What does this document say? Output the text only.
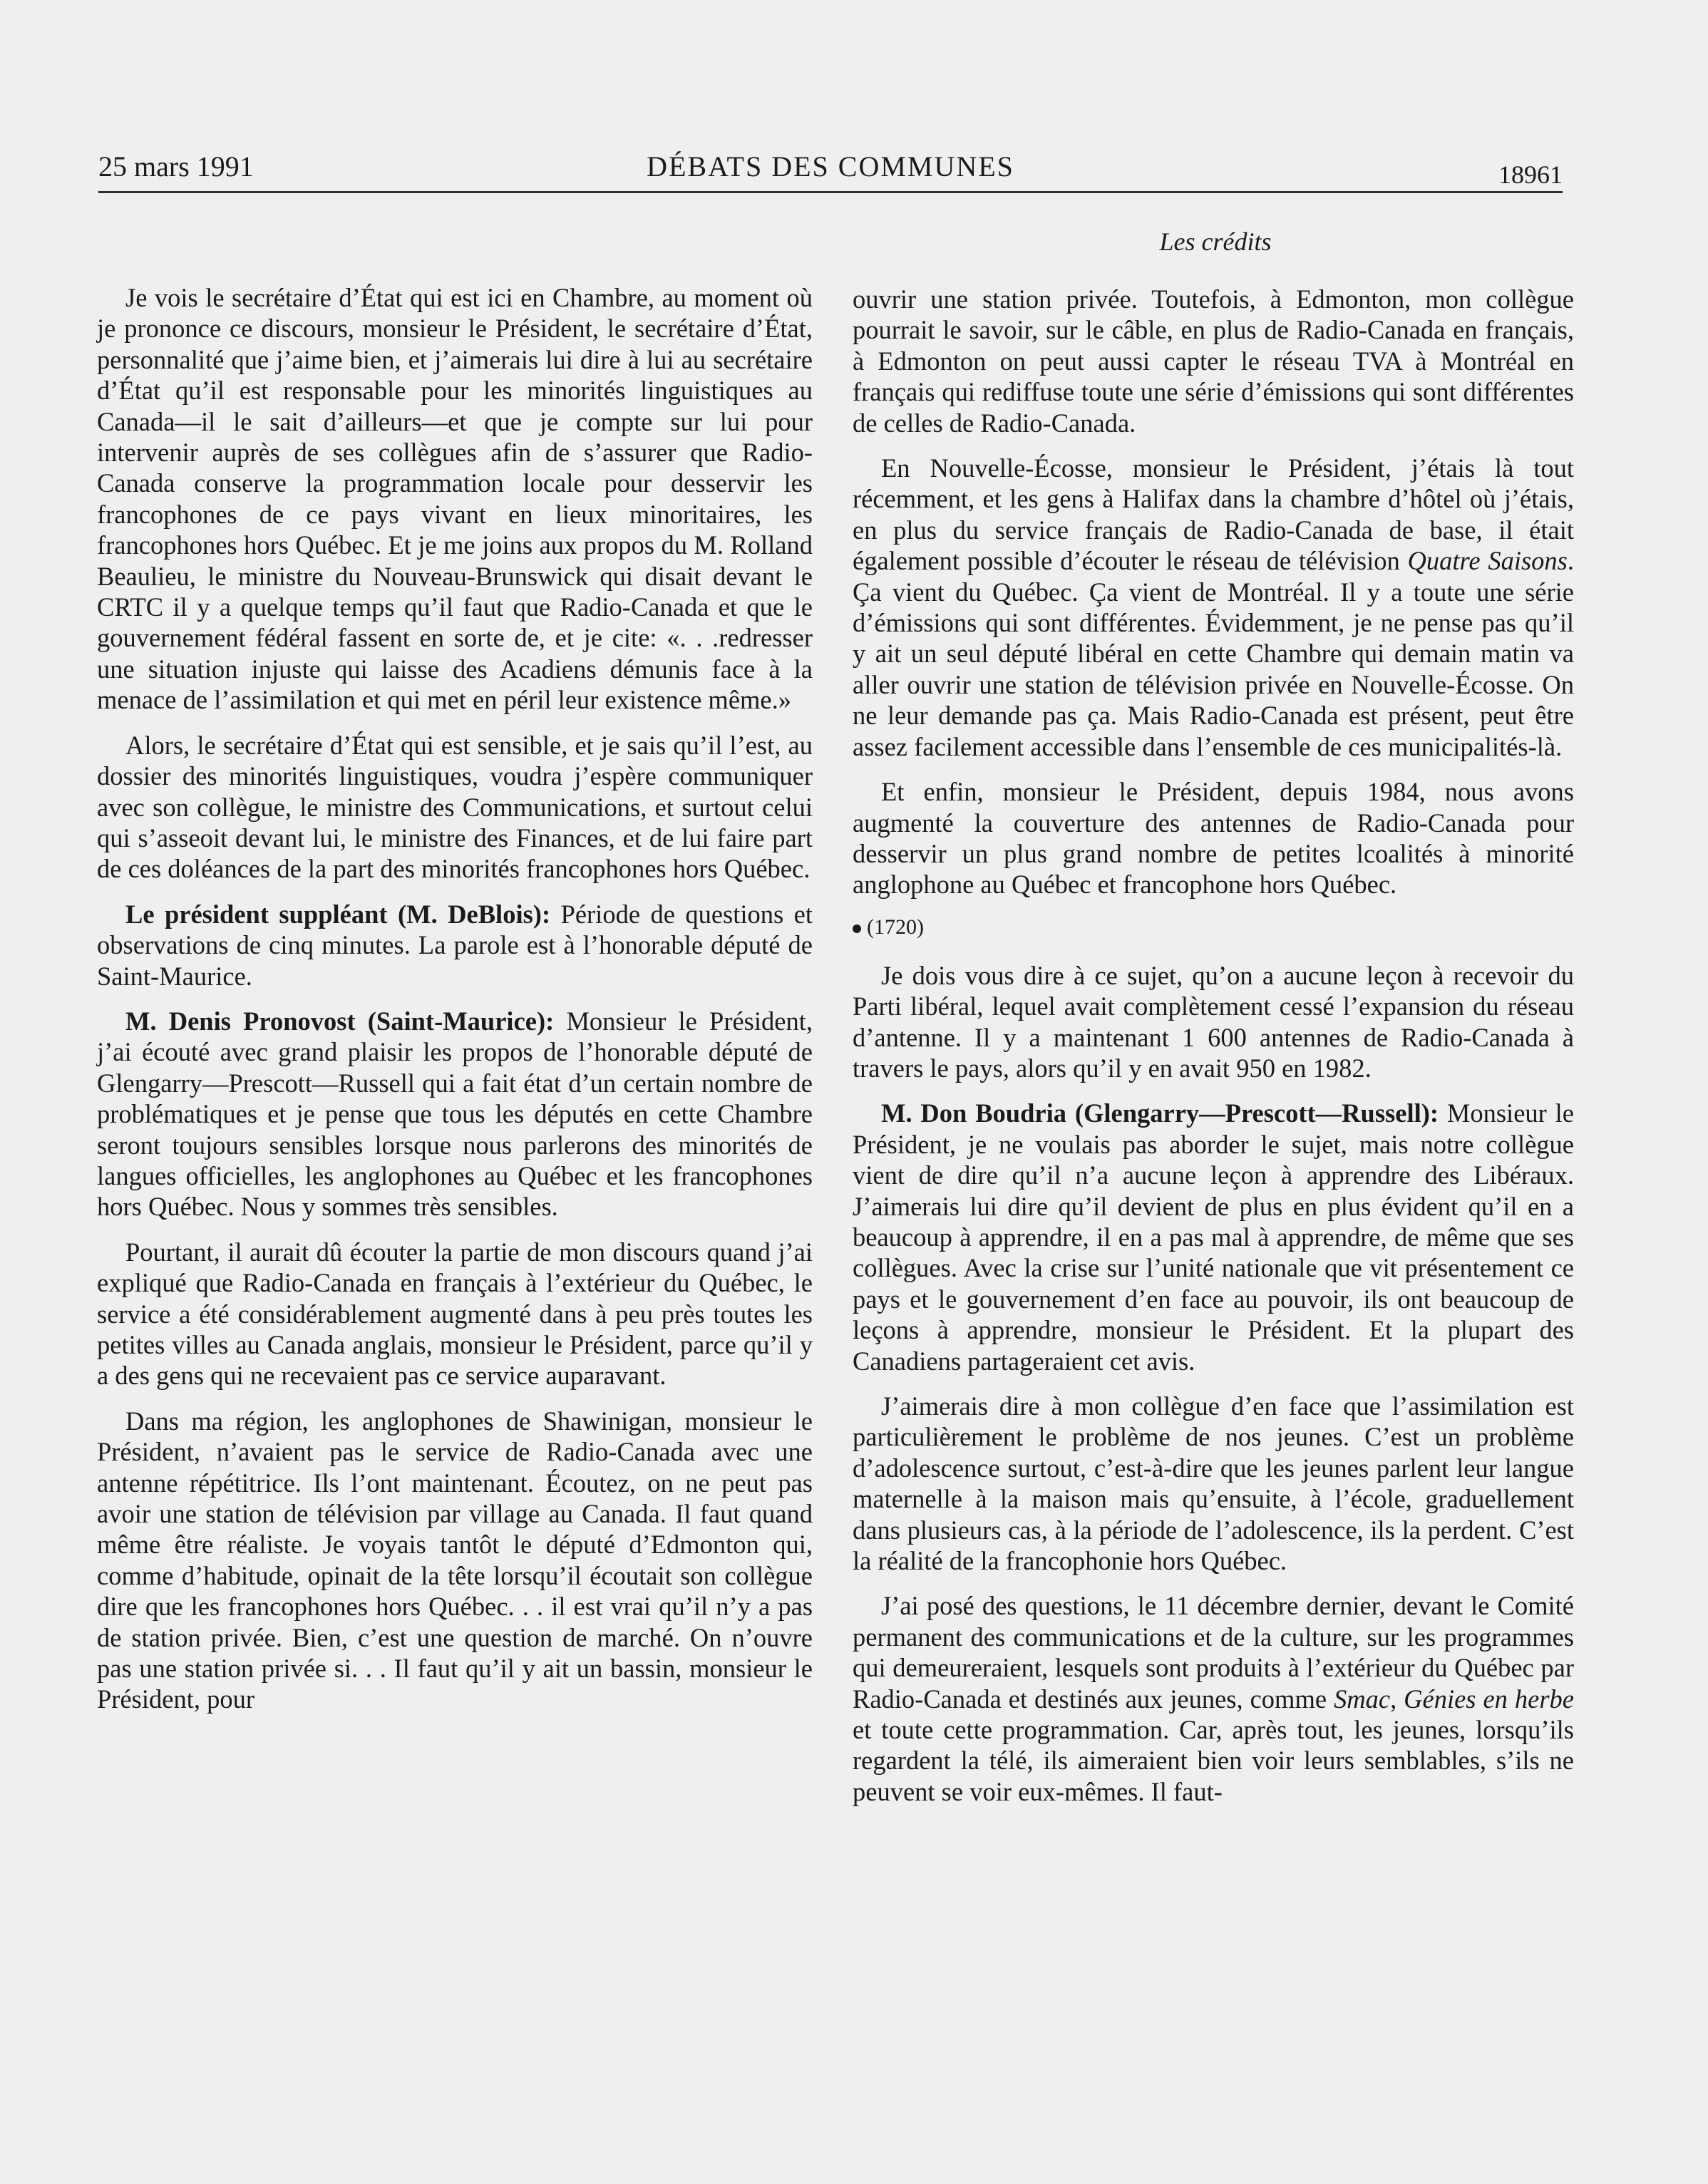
25 mars 1991	DÉBATS DES COMMUNES	18961
Les crédits

Je vois le secrétaire d’État qui est ici en Chambre, au moment où je prononce ce discours, monsieur le Président, le secrétaire d’État, personnalité que j’aime bien, et j’aimerais lui dire à lui au secrétaire d’État qu’il est responsable pour les minorités linguistiques au Canada—il le sait d’ailleurs—et que je compte sur lui pour intervenir auprès de ses collègues afin de s’assurer que Radio-Canada conserve la programmation locale pour desservir les francophones de ce pays vivant en lieux minoritaires, les francophones hors Québec. Et je me joins aux propos du M. Rolland Beaulieu, le ministre du Nouveau-Brunswick qui disait devant le CRTC il y a quelque temps qu’il faut que Radio-Canada et que le gouvernement fédéral fassent en sorte de, et je cite: «. . .redresser une situation injuste qui laisse des Acadiens démunis face à la menace de l’assimilation et qui met en péril leur existence même.»

Alors, le secrétaire d’État qui est sensible, et je sais qu’il l’est, au dossier des minorités linguistiques, voudra j’espère communiquer avec son collègue, le ministre des Communications, et surtout celui qui s’asseoit devant lui, le ministre des Finances, et de lui faire part de ces doléances de la part des minorités francophones hors Québec.

Le président suppléant (M. DeBlois): Période de questions et observations de cinq minutes. La parole est à l’honorable député de Saint-Maurice.

M. Denis Pronovost (Saint-Maurice): Monsieur le Président, j’ai écouté avec grand plaisir les propos de l’honorable député de Glengarry—Prescott—Russell qui a fait état d’un certain nombre de problématiques et je pense que tous les députés en cette Chambre seront toujours sensibles lorsque nous parlerons des minorités de langues officielles, les anglophones au Québec et les francophones hors Québec. Nous y sommes très sensibles.

Pourtant, il aurait dû écouter la partie de mon discours quand j’ai expliqué que Radio-Canada en français à l’extérieur du Québec, le service a été considérablement augmenté dans à peu près toutes les petites villes au Canada anglais, monsieur le Président, parce qu’il y a des gens qui ne recevaient pas ce service auparavant.

Dans ma région, les anglophones de Shawinigan, monsieur le Président, n’avaient pas le service de Radio-Canada avec une antenne répétitrice. Ils l’ont maintenant. Écoutez, on ne peut pas avoir une station de télévision par village au Canada. Il faut quand même être réaliste. Je voyais tantôt le député d’Edmonton qui, comme d’habitude, opinait de la tête lorsqu’il écoutait son collègue dire que les francophones hors Québec. . . il est vrai qu’il n’y a pas de station privée. Bien, c’est une question de marché. On n’ouvre pas une station privée si. . . Il faut qu’il y ait un bassin, monsieur le Président, pour

ouvrir une station privée. Toutefois, à Edmonton, mon collègue pourrait le savoir, sur le câble, en plus de Radio-Canada en français, à Edmonton on peut aussi capter le réseau TVA à Montréal en français qui rediffuse toute une série d’émissions qui sont différentes de celles de Radio-Canada.

En Nouvelle-Écosse, monsieur le Président, j’étais là tout récemment, et les gens à Halifax dans la chambre d’hôtel où j’étais, en plus du service français de Radio-Canada de base, il était également possible d’écouter le réseau de télévision Quatre Saisons. Ça vient du Québec. Ça vient de Montréal. Il y a toute une série d’émissions qui sont différentes. Évidemment, je ne pense pas qu’il y ait un seul député libéral en cette Chambre qui demain matin va aller ouvrir une station de télévision privée en Nouvelle-Écosse. On ne leur demande pas ça. Mais Radio-Canada est présent, peut être assez facilement accessible dans l’ensemble de ces municipalités-là.

Et enfin, monsieur le Président, depuis 1984, nous avons augmenté la couverture des antennes de Radio-Canada pour desservir un plus grand nombre de petites lcoalités à minorité anglophone au Québec et francophone hors Québec.

(1720)

Je dois vous dire à ce sujet, qu’on a aucune leçon à recevoir du Parti libéral, lequel avait complètement cessé l’expansion du réseau d’antenne. Il y a maintenant 1 600 antennes de Radio-Canada à travers le pays, alors qu’il y en avait 950 en 1982.

M. Don Boudria (Glengarry—Prescott—Russell): Monsieur le Président, je ne voulais pas aborder le sujet, mais notre collègue vient de dire qu’il n’a aucune leçon à apprendre des Libéraux. J’aimerais lui dire qu’il devient de plus en plus évident qu’il en a beaucoup à apprendre, il en a pas mal à apprendre, de même que ses collègues. Avec la crise sur l’unité nationale que vit présentement ce pays et le gouvernement d’en face au pouvoir, ils ont beaucoup de leçons à apprendre, monsieur le Président. Et la plupart des Canadiens partageraient cet avis.

J’aimerais dire à mon collègue d’en face que l’assimilation est particulièrement le problème de nos jeunes. C’est un problème d’adolescence surtout, c’est-à-dire que les jeunes parlent leur langue maternelle à la maison mais qu’ensuite, à l’école, graduellement dans plusieurs cas, à la période de l’adolescence, ils la perdent. C’est la réalité de la francophonie hors Québec.

J’ai posé des questions, le 11 décembre dernier, devant le Comité permanent des communications et de la culture, sur les programmes qui demeureraient, lesquels sont produits à l’extérieur du Québec par Radio-Canada et destinés aux jeunes, comme Smac, Génies en herbe et toute cette programmation. Car, après tout, les jeunes, lorsqu’ils regardent la télé, ils aimeraient bien voir leurs semblables, s’ils ne peuvent se voir eux-mêmes. Il faut-
